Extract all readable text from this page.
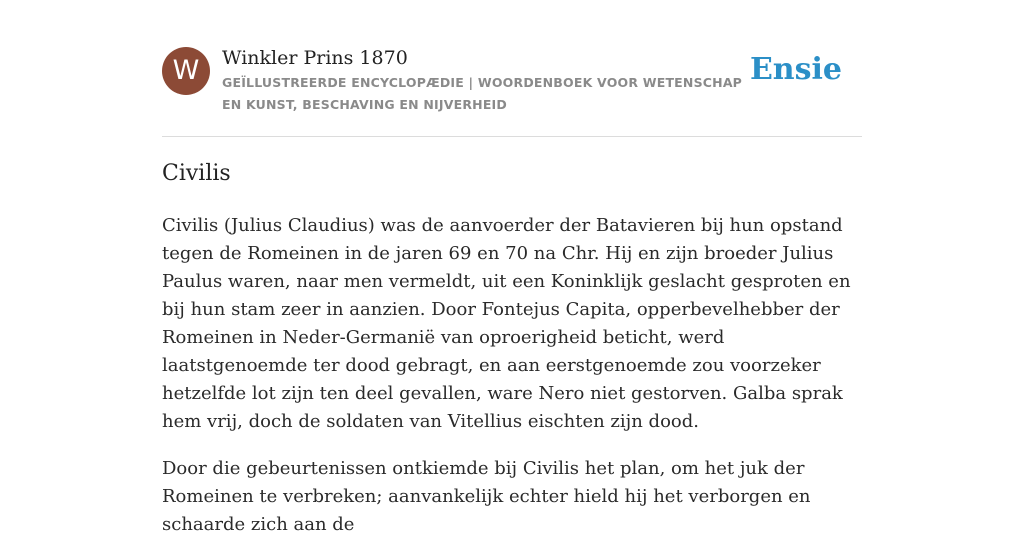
W	Winkler Prins 1870
GEÏLLUSTREERDE ENCYCLOPÆDIE | WOORDENBOEK VOOR WETENSCHAP EN KUNST, BESCHAVING EN NIJVERHEID
Ensie
Civilis

Civilis (Julius Claudius) was de aanvoerder der Batavieren bij hun opstand tegen de Romeinen in de jaren 69 en 70 na Chr. Hij en zijn broeder Julius Paulus waren, naar men vermeldt, uit een Koninklijk geslacht gesproten en bij hun stam zeer in aanzien. Door Fontejus Capita, opperbevelhebber der Romeinen in Neder-Germanië van oproerigheid beticht, werd laatstgenoemde ter dood gebragt, en aan eerstgenoemde zou voorzeker hetzelfde lot zijn ten deel gevallen, ware Nero niet gestorven. Galba sprak hem vrij, doch de soldaten van Vitellius eischten zijn dood.

Door die gebeurtenissen ontkiemde bij Civilis het plan, om het juk der Romeinen te verbreken; aanvankelijk echter hield hij het verborgen en schaarde zich aan de
